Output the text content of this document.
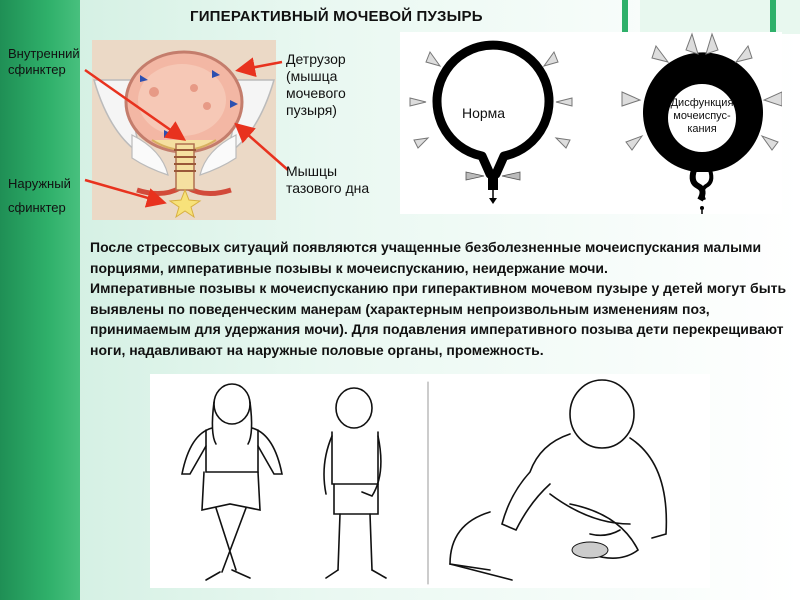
ГИПЕРАКТИВНЫЙ МОЧЕВОЙ ПУЗЫРЬ
Внутренний
сфинктер
Наружный
сфинктер
Детрузор
(мышца
мочевого
пузыря)
Мышцы
тазового дна
Норма
Дисфункция
мочеиспус-
кания
После стрессовых ситуаций появляются учащенные безболезненные мочеиспускания малыми порциями, императивные позывы к мочеиспусканию, неидержание мочи.
Императивные позывы к мочеиспусканию при гиперактивном мочевом пузыре у детей могут быть выявлены по поведенческим манерам (характерным непроизвольным изменениям поз, принимаемым для удержания мочи). Для подавления императивного позыва дети перекрещивают ноги, надавливают на наружные половые органы, промежность.
